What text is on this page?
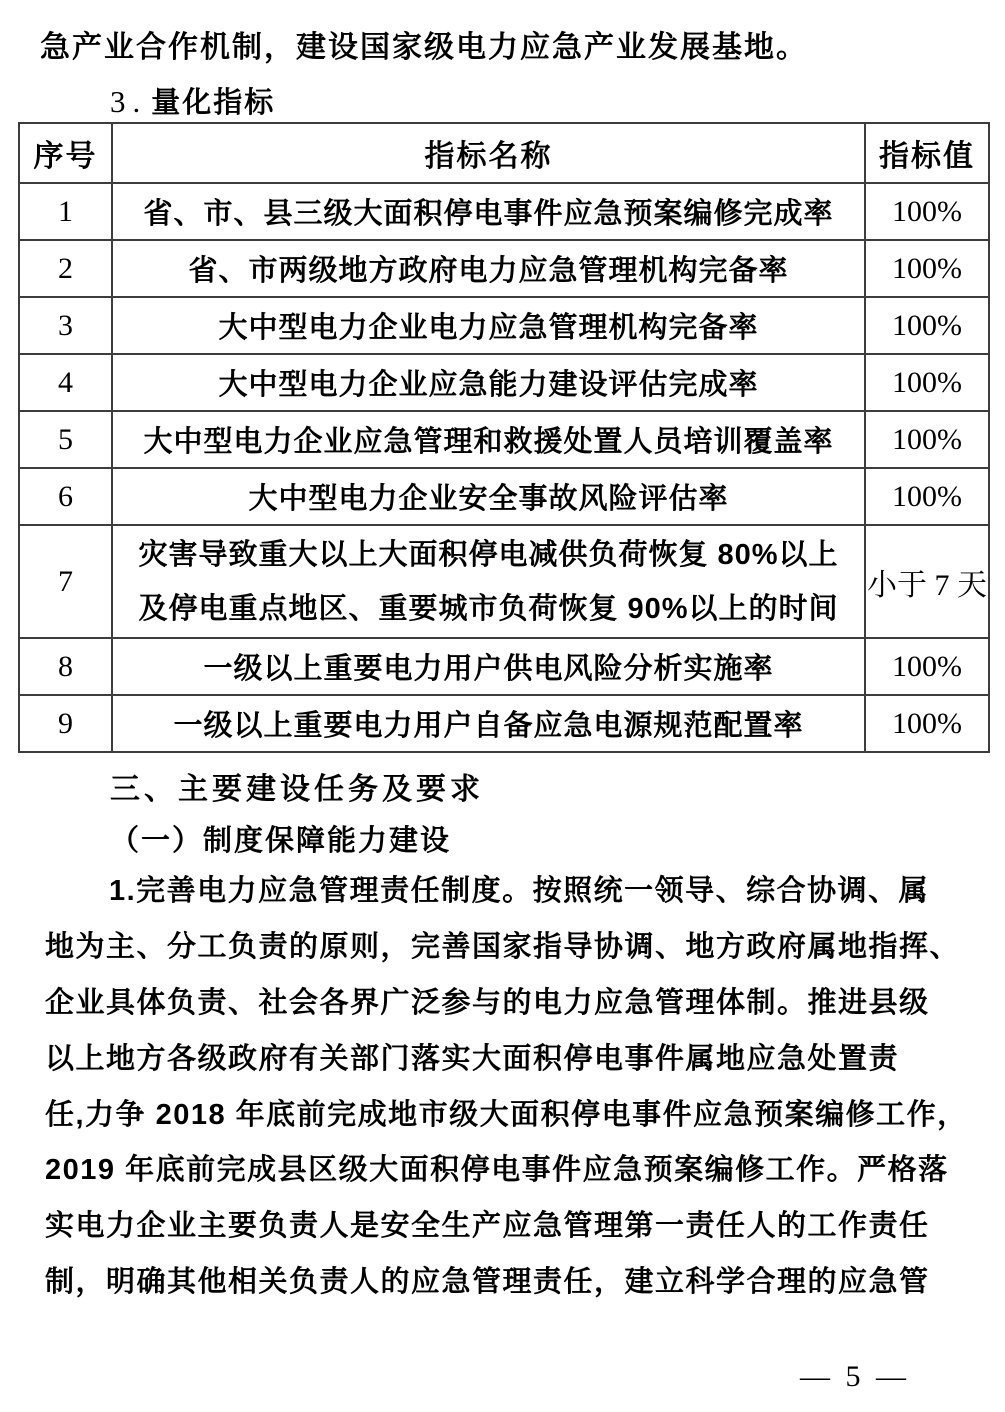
急产业合作机制，建设国家级电力应急产业发展基地。
3. 量化指标
序号	指标名称	指标值
1	省、市、县三级大面积停电事件应急预案编修完成率	100%
2	省、市两级地方政府电力应急管理机构完备率	100%
3	大中型电力企业电力应急管理机构完备率	100%
4	大中型电力企业应急能力建设评估完成率	100%
5	大中型电力企业应急管理和救援处置人员培训覆盖率	100%
6	大中型电力企业安全事故风险评估率	100%
7	灾害导致重大以上大面积停电减供负荷恢复 80%以上
及停电重点地区、重要城市负荷恢复 90%以上的时间	小于 7 天
8	一级以上重要电力用户供电风险分析实施率	100%
9	一级以上重要电力用户自备应急电源规范配置率	100%
三、主要建设任务及要求
（一）制度保障能力建设
1.完善电力应急管理责任制度。按照统一领导、综合协调、属
地为主、分工负责的原则，完善国家指导协调、地方政府属地指挥、
企业具体负责、社会各界广泛参与的电力应急管理体制。推进县级
以上地方各级政府有关部门落实大面积停电事件属地应急处置责
任,力争 2018 年底前完成地市级大面积停电事件应急预案编修工作，
2019 年底前完成县区级大面积停电事件应急预案编修工作。严格落
实电力企业主要负责人是安全生产应急管理第一责任人的工作责任
制，明确其他相关负责人的应急管理责任，建立科学合理的应急管
— 5 —
